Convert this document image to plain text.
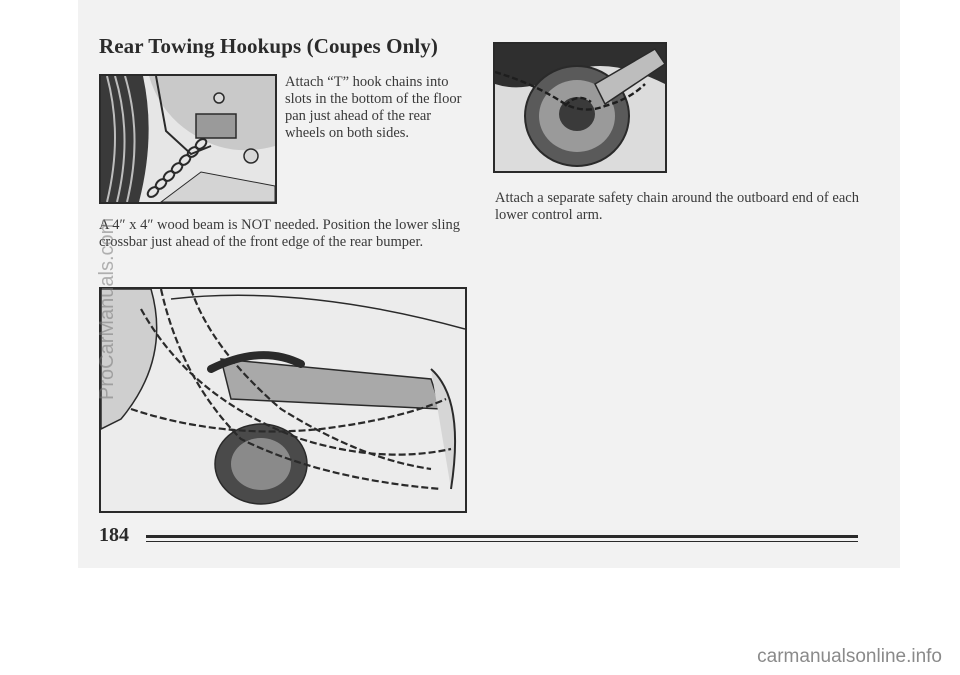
Rear Towing Hookups (Coupes Only)

Attach “T” hook chains into slots in the bottom of the floor pan just ahead of the rear wheels on both sides.

A 4″ x 4″ wood beam is NOT needed. Position the lower sling crossbar just ahead of the front edge of the rear bumper.

Attach a separate safety chain around the outboard end of each lower control arm.

184
ProCarManuals.com
carmanualsonline.info
